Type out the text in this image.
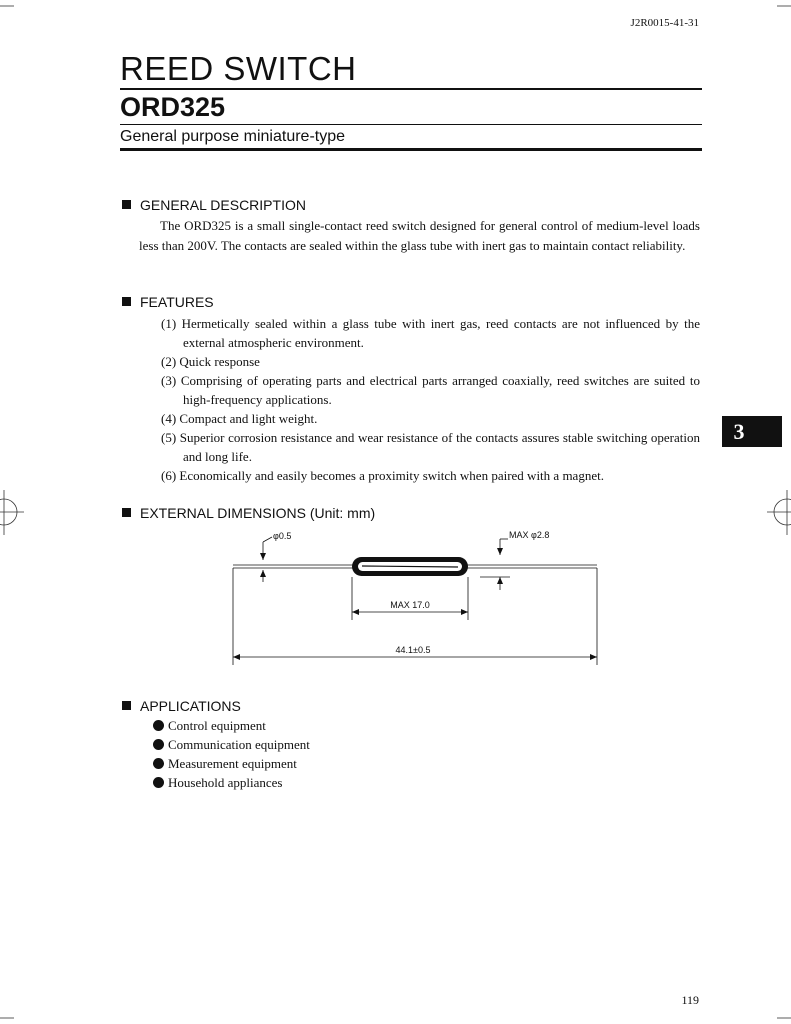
J2R0015-41-31
REED SWITCH
ORD325
General purpose miniature-type
GENERAL DESCRIPTION
The ORD325 is a small single-contact reed switch designed for general control of medium-level loads less than 200V. The contacts are sealed within the glass tube with inert gas to maintain contact reliability.
FEATURES
(1) Hermetically sealed within a glass tube with inert gas, reed contacts are not influenced by the external atmospheric environment.
(2) Quick response
(3) Comprising of operating parts and electrical parts arranged coaxially, reed switches are suited to high-frequency applications.
(4) Compact and light weight.
(5) Superior corrosion resistance and wear resistance of the contacts assures stable switching operation and long life.
(6) Economically and easily becomes a proximity switch when paired with a magnet.
3
EXTERNAL DIMENSIONS (Unit: mm)
φ0.5	MAX φ2.8
MAX 17.0
44.1±0.5
APPLICATIONS
Control equipment
Communication equipment
Measurement equipment
Household appliances
119
